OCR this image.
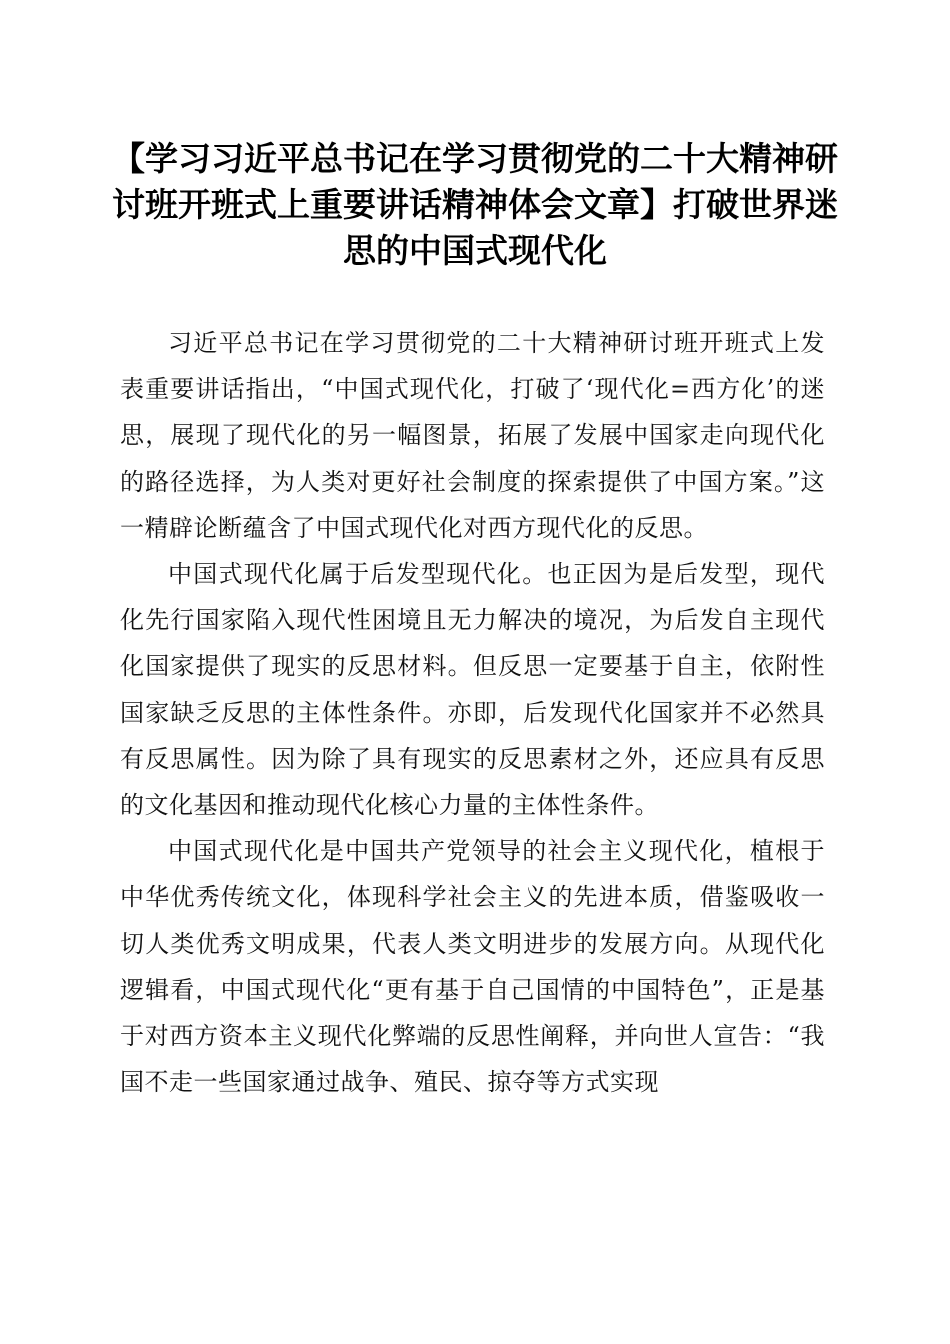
【学习习近平总书记在学习贯彻党的二十大精神研讨班开班式上重要讲话精神体会文章】打破世界迷思的中国式现代化

习近平总书记在学习贯彻党的二十大精神研讨班开班式上发表重要讲话指出，“中国式现代化，打破了‘现代化=西方化’的迷思，展现了现代化的另一幅图景，拓展了发展中国家走向现代化的路径选择，为人类对更好社会制度的探索提供了中国方案。”这一精辟论断蕴含了中国式现代化对西方现代化的反思。

中国式现代化属于后发型现代化。也正因为是后发型，现代化先行国家陷入现代性困境且无力解决的境况，为后发自主现代化国家提供了现实的反思材料。但反思一定要基于自主，依附性国家缺乏反思的主体性条件。亦即，后发现代化国家并不必然具有反思属性。因为除了具有现实的反思素材之外，还应具有反思的文化基因和推动现代化核心力量的主体性条件。

中国式现代化是中国共产党领导的社会主义现代化，植根于中华优秀传统文化，体现科学社会主义的先进本质，借鉴吸收一切人类优秀文明成果，代表人类文明进步的发展方向。从现代化逻辑看，中国式现代化“更有基于自己国情的中国特色”，正是基于对西方资本主义现代化弊端的反思性阐释，并向世人宣告：“我国不走一些国家通过战争、殖民、掠夺等方式实现
